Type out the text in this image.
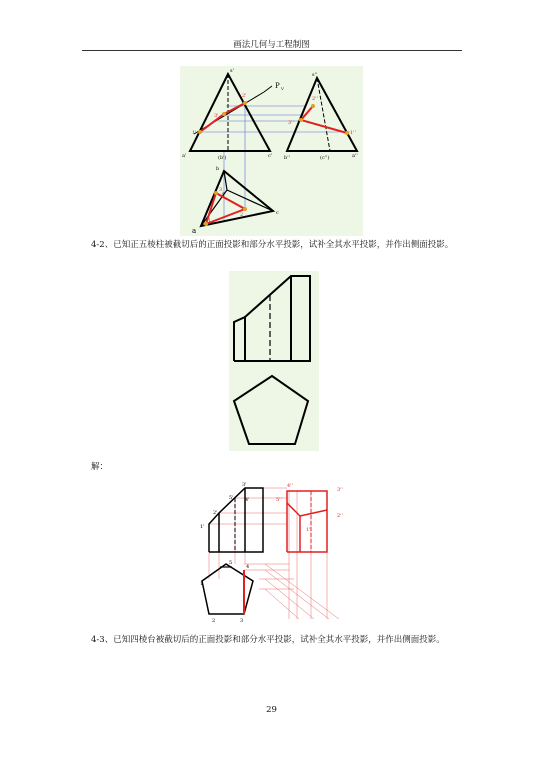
画法几何与工程制图
s'
P V
2'
3'
1'
a'	(b')	c'
s''
2''
3''
1''
b''	(c'')	a''
b
s
2
3
1
c
a
4-2、已知正五棱柱被截切后的正面投影和部分水平投影，试补全其水平投影，并作出侧面投影。
解：
3'
4'
5'
2'
1'
4''
3''
5''
2''
1''
5
4
1
2	3
4-3、已知四棱台被截切后的正面投影和部分水平投影，试补全其水平投影，并作出侧面投影。
29
